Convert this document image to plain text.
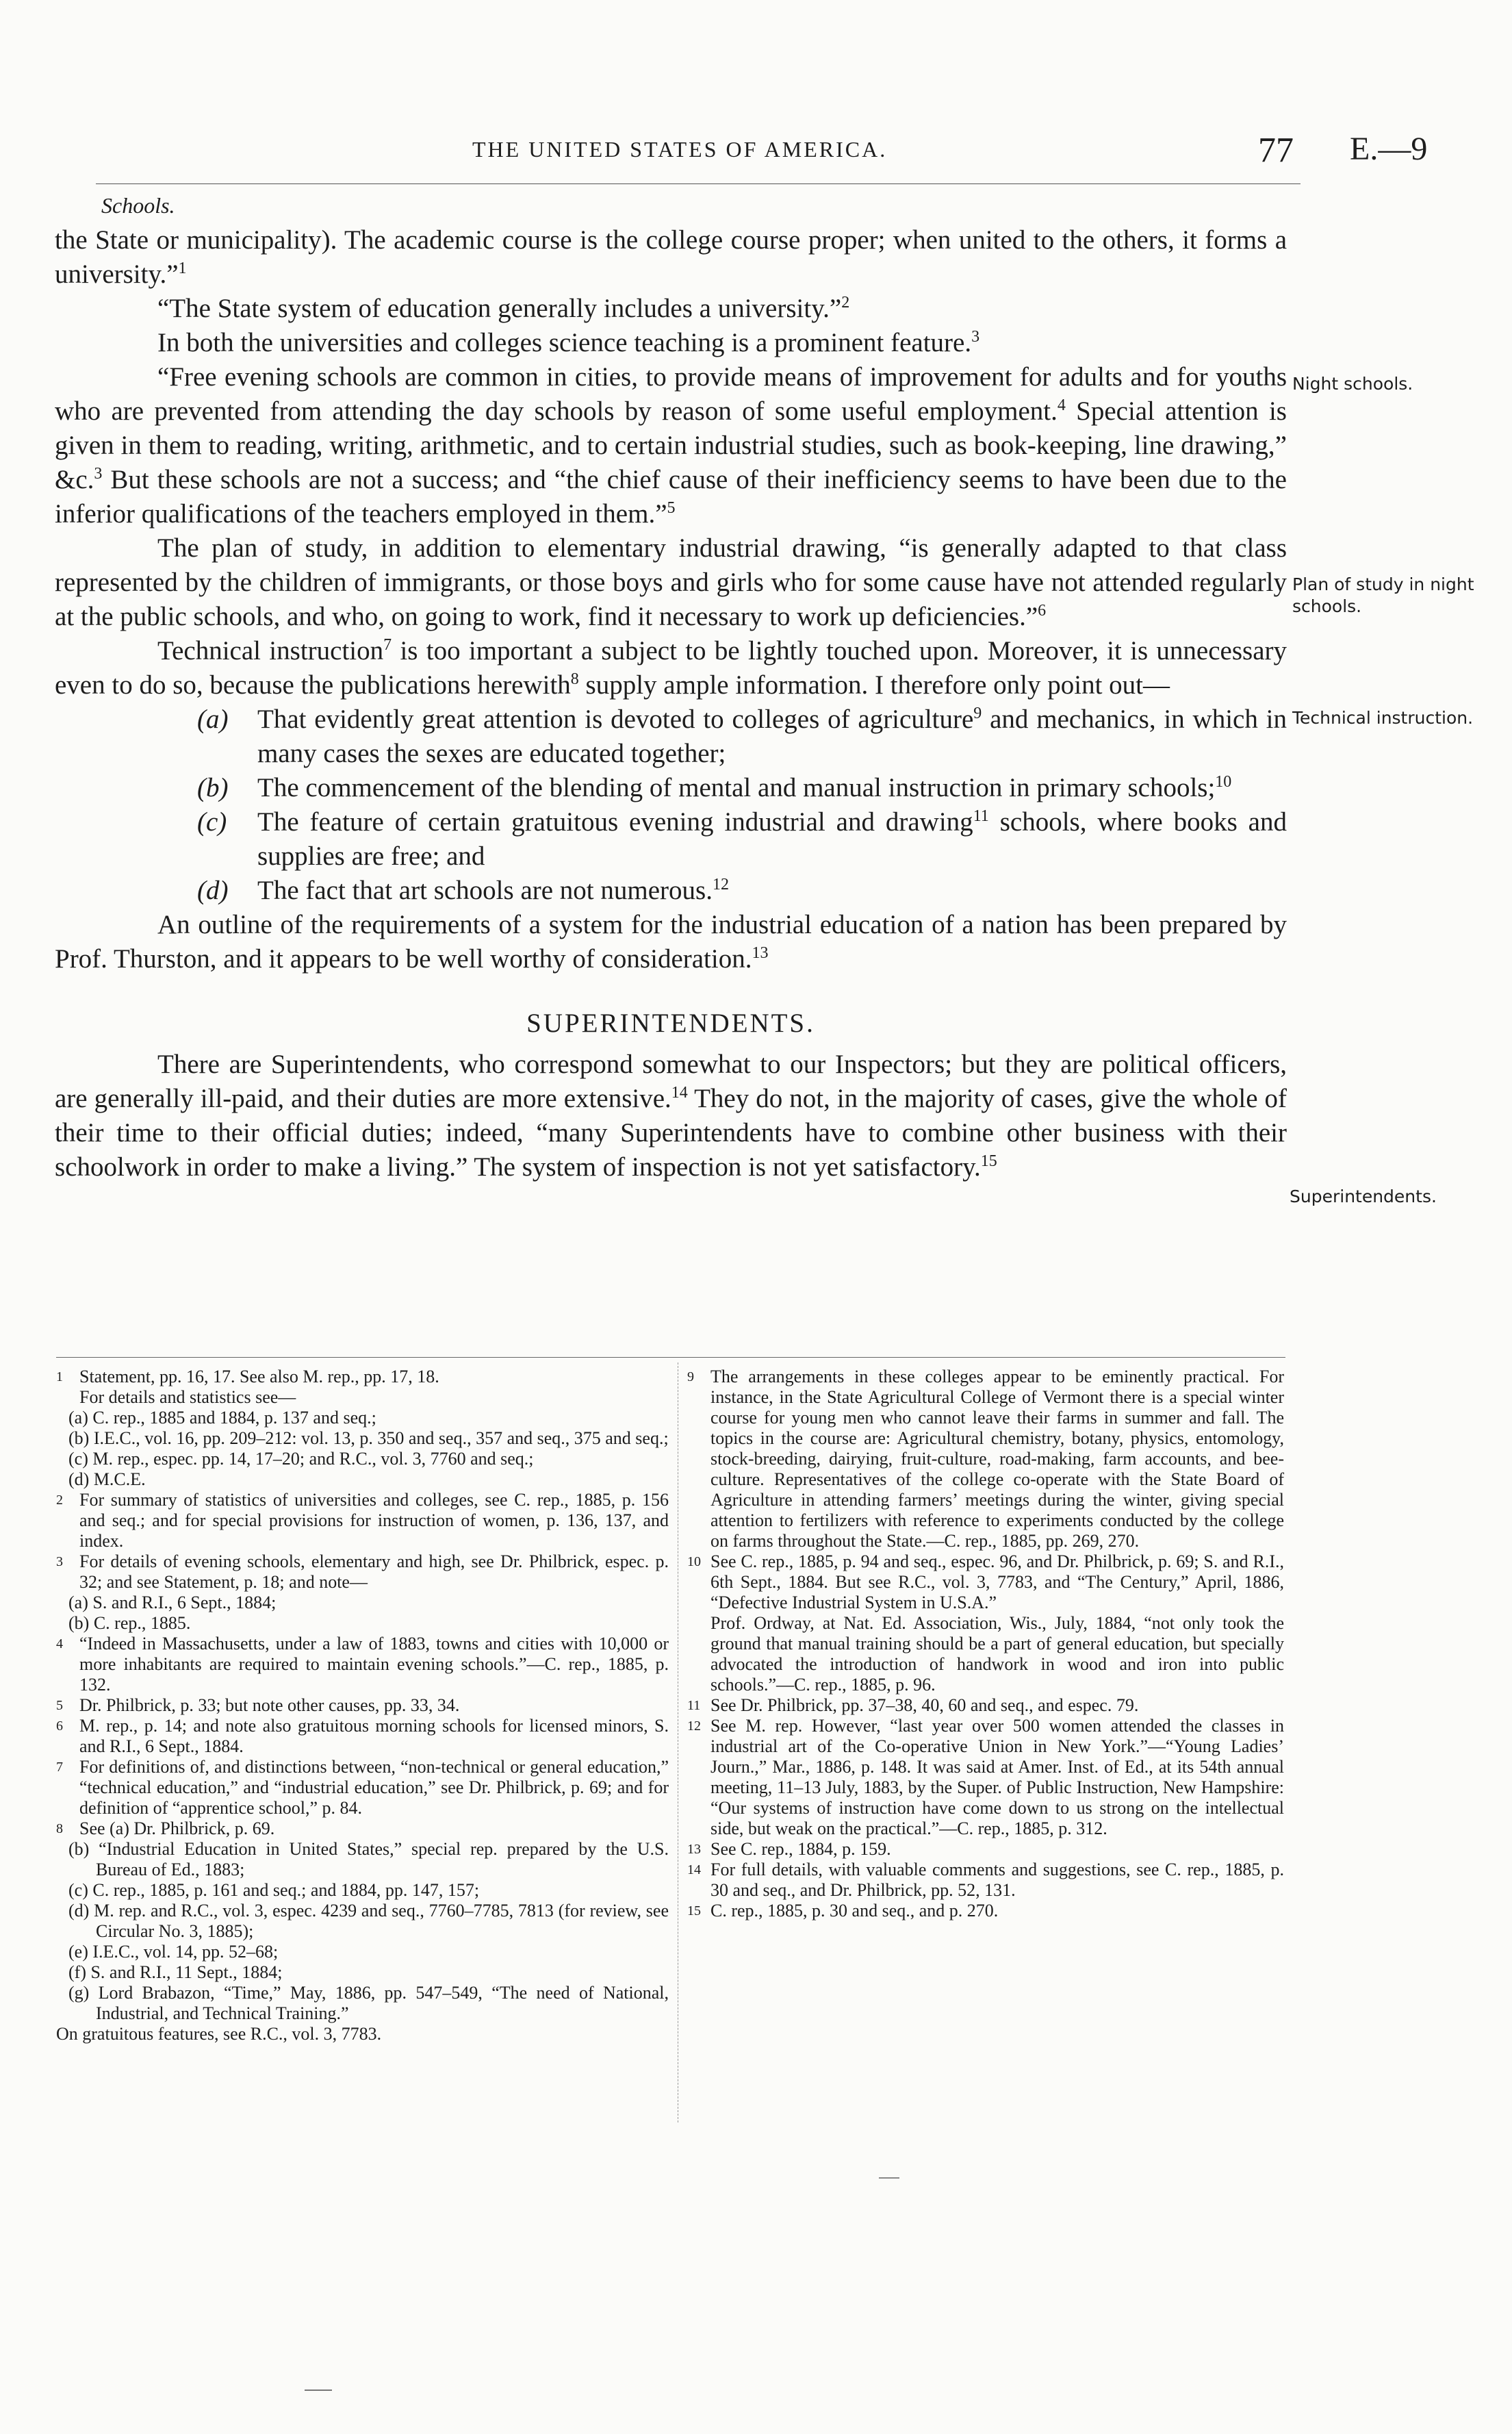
THE UNITED STATES OF AMERICA.	77 E.—9
Schools.

the State or municipality). The academic course is the college course proper; when united to the others, it forms a university.”$^1$

“The State system of education generally includes a university.”$^2$

In both the universities and colleges science teaching is a prominent feature.$^3$

“Free evening schools are common in cities, to provide means of improvement for adults and for youths who are prevented from attending the day schools by reason of some useful employment.$^4$ Special attention is given in them to reading, writing, arithmetic, and to certain industrial studies, such as book-keeping, line drawing,” &c.$^3$ But these schools are not a success; and “the chief cause of their inefficiency seems to have been due to the inferior qualifications of the teachers employed in them.”$^5$

The plan of study, in addition to elementary industrial drawing, “is generally adapted to that class represented by the children of immigrants, or those boys and girls who for some cause have not attended regularly at the public schools, and who, on going to work, find it necessary to work up deficiencies.”$^6$

Technical instruction$^7$ is too important a subject to be lightly touched upon. Moreover, it is unnecessary even to do so, because the publications herewith$^8$ supply ample information. I therefore only point out—

(a)	That evidently great attention is devoted to colleges of agriculture$^9$ and mechanics, in which in many cases the sexes are educated together;

(b)	The commencement of the blending of mental and manual instruction in primary schools;$^{10}$

(c)	The feature of certain gratuitous evening industrial and drawing$^{11}$ schools, where books and supplies are free; and

(d)	The fact that art schools are not numerous.$^{12}$

An outline of the requirements of a system for the industrial education of a nation has been prepared by Prof. Thurston, and it appears to be well worthy of consideration.$^{13}$

SUPERINTENDENTS.

There are Superintendents, who correspond somewhat to our Inspectors; but they are political officers, are generally ill-paid, and their duties are more extensive.$^{14}$ They do not, in the majority of cases, give the whole of their time to their official duties; indeed, “many Superintendents have to combine other business with their schoolwork in order to make a living.” The system of inspection is not yet satisfactory.$^{15}$

Night schools.
Plan of study in night schools.
Technical instruction.
Superintendents.

1 Statement, pp. 16, 17. See also M. rep., pp. 17, 18.

For details and statistics see—

(a) C. rep., 1885 and 1884, p. 137 and seq.;

(b) I.E.C., vol. 16, pp. 209–212: vol. 13, p. 350 and seq., 357 and seq., 375 and seq.;

(c) M. rep., espec. pp. 14, 17–20; and R.C., vol. 3, 7760 and seq.;

(d) M.C.E.

2 For summary of statistics of universities and colleges, see C. rep., 1885, p. 156 and seq.; and for special provisions for instruction of women, p. 136, 137, and index.

3 For details of evening schools, elementary and high, see Dr. Philbrick, espec. p. 32; and see Statement, p. 18; and note—

(a) S. and R.I., 6 Sept., 1884;

(b) C. rep., 1885.

4 “Indeed in Massachusetts, under a law of 1883, towns and cities with 10,000 or more inhabitants are required to maintain evening schools.”—C. rep., 1885, p. 132.

5 Dr. Philbrick, p. 33; but note other causes, pp. 33, 34.

6 M. rep., p. 14; and note also gratuitous morning schools for licensed minors, S. and R.I., 6 Sept., 1884.

7 For definitions of, and distinctions between, “non-technical or general education,” “technical education,” and “industrial education,” see Dr. Philbrick, p. 69; and for definition of “apprentice school,” p. 84.

8 See (a) Dr. Philbrick, p. 69.

(b) “Industrial Education in United States,” special rep. prepared by the U.S. Bureau of Ed., 1883;

(c) C. rep., 1885, p. 161 and seq.; and 1884, pp. 147, 157;

(d) M. rep. and R.C., vol. 3, espec. 4239 and seq., 7760–7785, 7813 (for review, see Circular No. 3, 1885);

(e) I.E.C., vol. 14, pp. 52–68;

(f) S. and R.I., 11 Sept., 1884;

(g) Lord Brabazon, “Time,” May, 1886, pp. 547–549, “The need of National, Industrial, and Technical Training.”

On gratuitous features, see R.C., vol. 3, 7783.

9 The arrangements in these colleges appear to be eminently practical. For instance, in the State Agricultural College of Vermont there is a special winter course for young men who cannot leave their farms in summer and fall. The topics in the course are: Agricultural chemistry, botany, physics, entomology, stock-breeding, dairying, fruit-culture, road-making, farm accounts, and bee-culture. Representatives of the college co-operate with the State Board of Agriculture in attending farmers’ meetings during the winter, giving special attention to fertilizers with reference to experiments conducted by the college on farms throughout the State.—C. rep., 1885, pp. 269, 270.

10 See C. rep., 1885, p. 94 and seq., espec. 96, and Dr. Philbrick, p. 69; S. and R.I., 6th Sept., 1884. But see R.C., vol. 3, 7783, and “The Century,” April, 1886, “Defective Industrial System in U.S.A.”

Prof. Ordway, at Nat. Ed. Association, Wis., July, 1884, “not only took the ground that manual training should be a part of general education, but specially advocated the introduction of handwork in wood and iron into public schools.”—C. rep., 1885, p. 96.

11 See Dr. Philbrick, pp. 37–38, 40, 60 and seq., and espec. 79.

12 See M. rep. However, “last year over 500 women attended the classes in industrial art of the Co-operative Union in New York.”—“Young Ladies’ Journ.,” Mar., 1886, p. 148. It was said at Amer. Inst. of Ed., at its 54th annual meeting, 11–13 July, 1883, by the Super. of Public Instruction, New Hampshire: “Our systems of instruction have come down to us strong on the intellectual side, but weak on the practical.”—C. rep., 1885, p. 312.

13 See C. rep., 1884, p. 159.

14 For full details, with valuable comments and suggestions, see C. rep., 1885, p. 30 and seq., and Dr. Philbrick, pp. 52, 131.

15 C. rep., 1885, p. 30 and seq., and p. 270.
